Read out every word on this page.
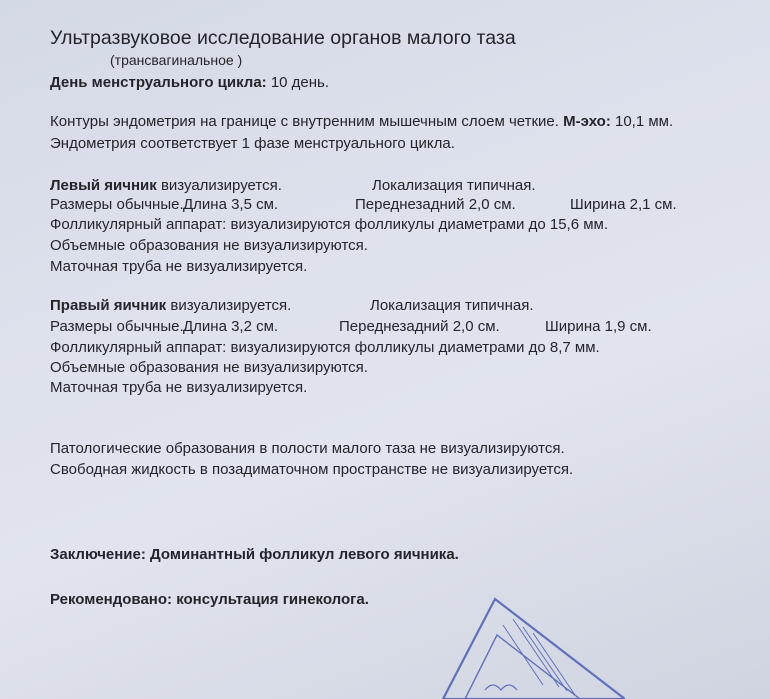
Ультразвуковое исследование органов малого таза
(трансвагинальное )
День менструального цикла: 10 день.
Контуры эндометрия на границе с внутренним мышечным слоем четкие. М-эхо: 10,1 мм.
Эндометрия соответствует 1 фазе менструального цикла.
Левый яичник визуализируется.	Локализация типичная.
Размеры обычные. Длина 3,5 см.	Переднезадний 2,0 см.	Ширина 2,1 см.
Фолликулярный аппарат: визуализируются фолликулы диаметрами до 15,6 мм.
Объемные образования не визуализируются.
Маточная труба не визуализируется.
Правый яичник визуализируется.	Локализация типичная.
Размеры обычные. Длина 3,2 см.	Переднезадний 2,0 см.	Ширина 1,9 см.
Фолликулярный аппарат: визуализируются фолликулы диаметрами до 8,7 мм.
Объемные образования не визуализируются.
Маточная труба не визуализируется.
Патологические образования в полости малого таза не визуализируются.
Свободная жидкость в позадиматочном пространстве не визуализируется.
Заключение: Доминантный фолликул левого яичника.
Рекомендовано: консультация гинеколога.
